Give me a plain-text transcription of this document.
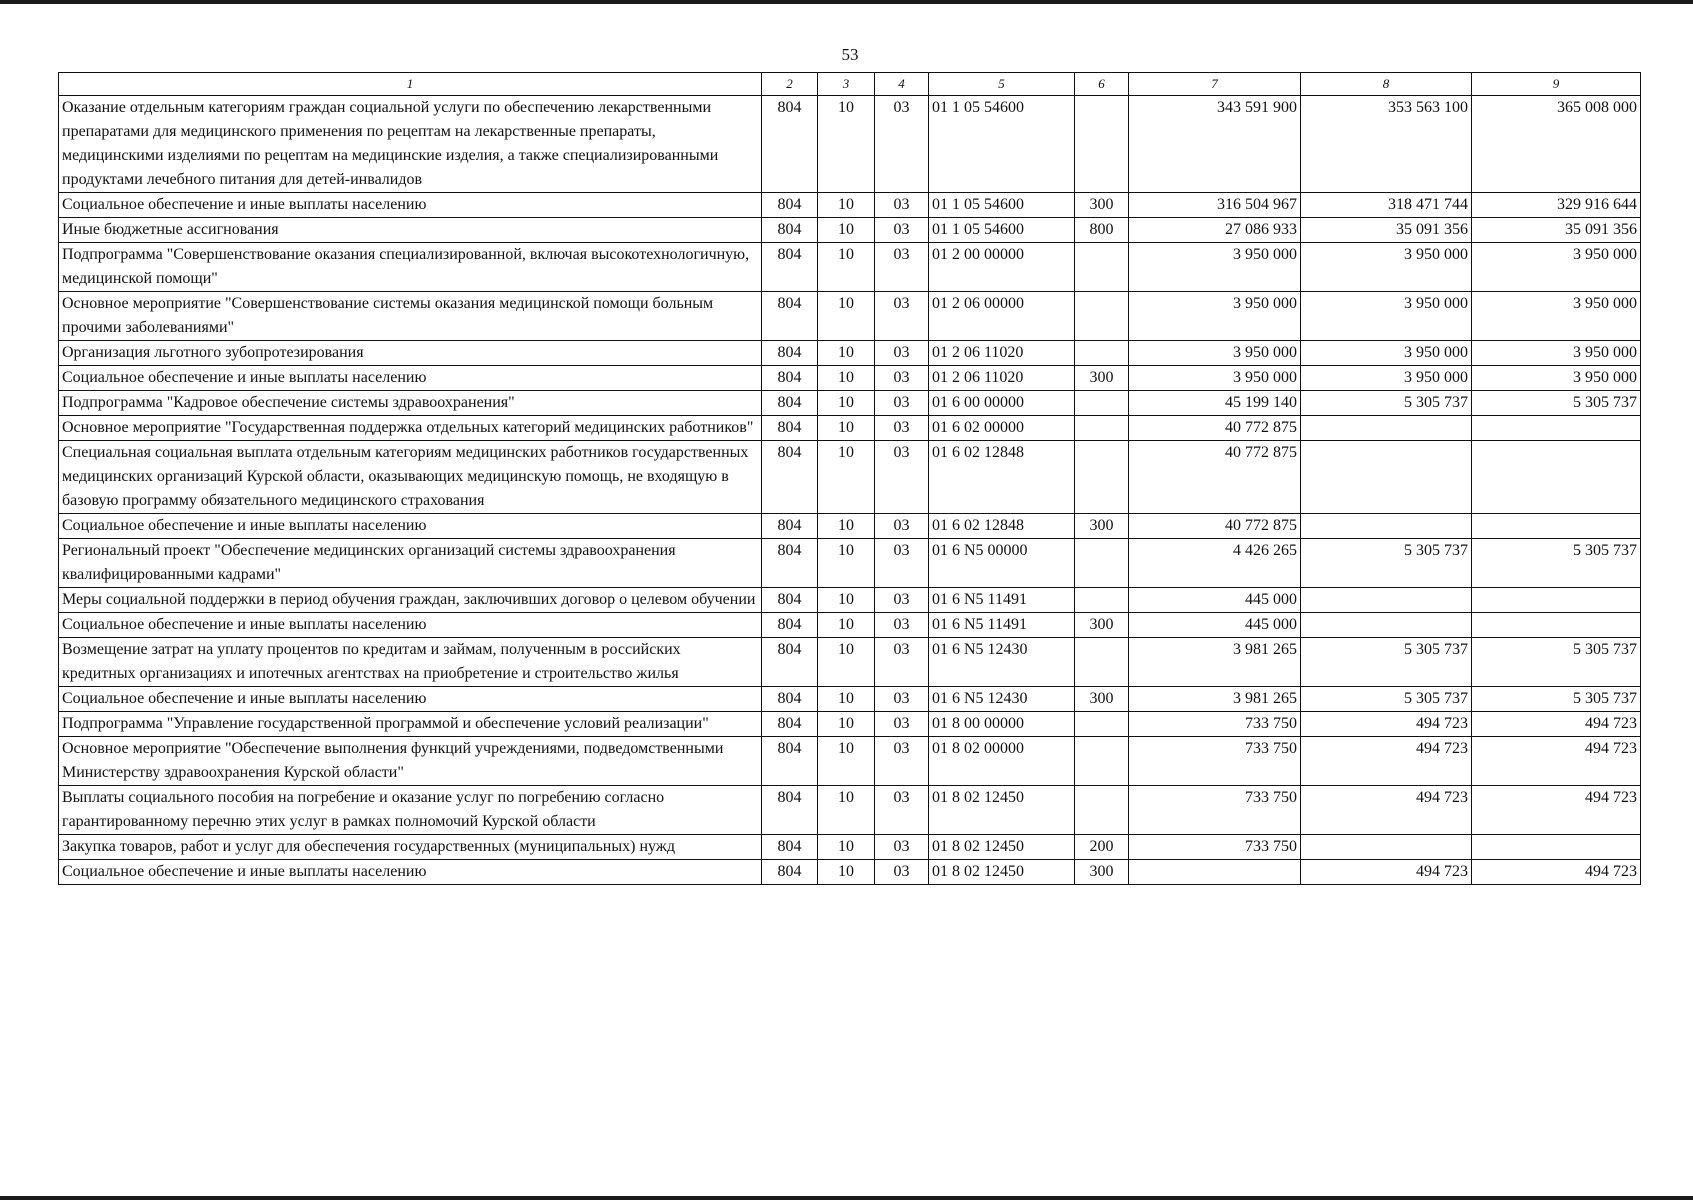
53
1	2	3	4	5	6	7	8	9
Оказание отдельным категориям граждан социальной услуги по обеспечению лекарственными препаратами для медицинского применения по рецептам на лекарственные препараты, медицинскими изделиями по рецептам на медицинские изделия, а также специализированными продуктами лечебного питания для детей-инвалидов	804	10	03	01 1 05 54600		343 591 900	353 563 100	365 008 000
Социальное обеспечение и иные выплаты населению	804	10	03	01 1 05 54600	300	316 504 967	318 471 744	329 916 644
Иные бюджетные ассигнования	804	10	03	01 1 05 54600	800	27 086 933	35 091 356	35 091 356
Подпрограмма "Совершенствование оказания специализированной, включая высокотехнологичную, медицинской помощи"	804	10	03	01 2 00 00000		3 950 000	3 950 000	3 950 000
Основное мероприятие "Совершенствование системы оказания медицинской помощи больным прочими заболеваниями"	804	10	03	01 2 06 00000		3 950 000	3 950 000	3 950 000
Организация льготного зубопротезирования	804	10	03	01 2 06 11020		3 950 000	3 950 000	3 950 000
Социальное обеспечение и иные выплаты населению	804	10	03	01 2 06 11020	300	3 950 000	3 950 000	3 950 000
Подпрограмма "Кадровое обеспечение системы здравоохранения"	804	10	03	01 6 00 00000		45 199 140	5 305 737	5 305 737
Основное мероприятие "Государственная поддержка отдельных категорий медицинских работников"	804	10	03	01 6 02 00000		40 772 875		
Специальная социальная выплата отдельным категориям медицинских работников государственных медицинских организаций Курской области, оказывающих медицинскую помощь, не входящую в базовую программу обязательного медицинского страхования	804	10	03	01 6 02 12848		40 772 875		
Социальное обеспечение и иные выплаты населению	804	10	03	01 6 02 12848	300	40 772 875		
Региональный проект "Обеспечение медицинских организаций системы здравоохранения квалифицированными кадрами"	804	10	03	01 6 N5 00000		4 426 265	5 305 737	5 305 737
Меры социальной поддержки в период обучения граждан, заключивших договор о целевом обучении	804	10	03	01 6 N5 11491		445 000		
Социальное обеспечение и иные выплаты населению	804	10	03	01 6 N5 11491	300	445 000		
Возмещение затрат на уплату процентов по кредитам и займам, полученным в российских кредитных организациях и ипотечных агентствах на приобретение и строительство жилья	804	10	03	01 6 N5 12430		3 981 265	5 305 737	5 305 737
Социальное обеспечение и иные выплаты населению	804	10	03	01 6 N5 12430	300	3 981 265	5 305 737	5 305 737
Подпрограмма "Управление государственной программой и обеспечение условий реализации"	804	10	03	01 8 00 00000		733 750	494 723	494 723
Основное мероприятие "Обеспечение выполнения функций учреждениями, подведомственными Министерству здравоохранения Курской области"	804	10	03	01 8 02 00000		733 750	494 723	494 723
Выплаты социального пособия на погребение и оказание услуг по погребению согласно гарантированному перечню этих услуг в рамках полномочий Курской области	804	10	03	01 8 02 12450		733 750	494 723	494 723
Закупка товаров, работ и услуг для обеспечения государственных (муниципальных) нужд	804	10	03	01 8 02 12450	200	733 750		
Социальное обеспечение и иные выплаты населению	804	10	03	01 8 02 12450	300		494 723	494 723
